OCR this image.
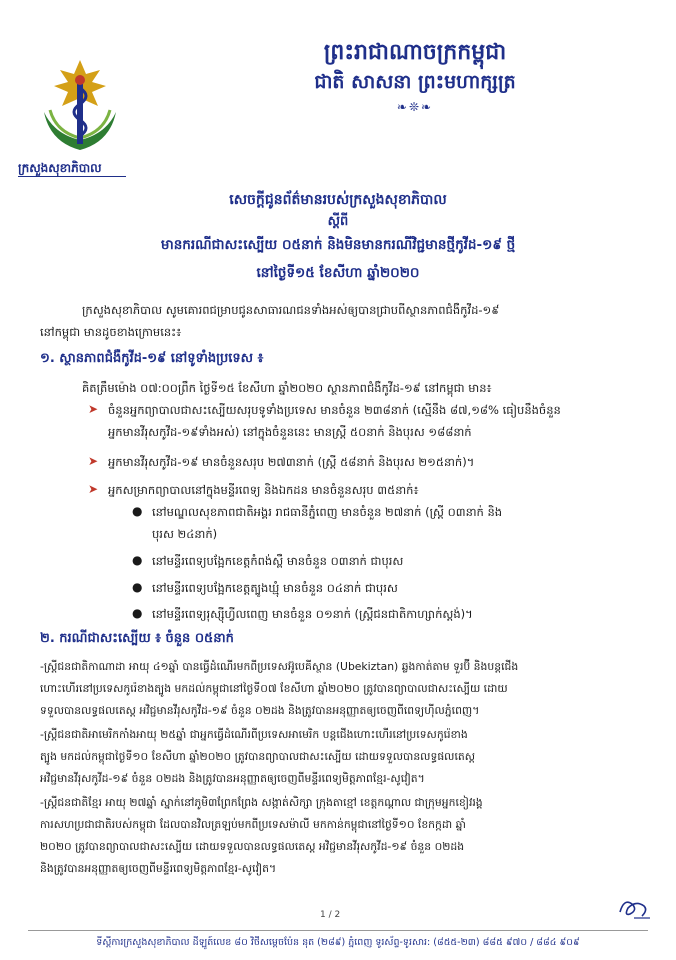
ព្រះរាជាណាចក្រកម្ពុជា
ជាតិ សាសនា ព្រះមហាក្សត្រ
❧❊❧
ក្រសួងសុខាភិបាល
សេចក្ដីជូនព័ត៌មានរបស់ក្រសួងសុខាភិបាល
ស្ដីពី
មានករណីជាសះស្បើយ ០៥នាក់ និងមិនមានករណីវិជ្ជមានថ្មីកូវីដ-១៩ ថ្មី
នៅថ្ងៃទី១៥ ខែសីហា ឆ្នាំ២០២០
ក្រសួងសុខាភិបាល សូមគោរពជម្រាបជូនសាធារណជនទាំងអស់ឲ្យបានជ្រាបពីស្ថានភាពជំងឺកូវីដ-១៩
នៅកម្ពុជា មានដូចខាងក្រោមនេះ៖
១. ស្ថានភាពជំងឺកូវីដ-១៩ នៅទូទាំងប្រទេស ៖
គិតត្រឹមម៉ោង ០៧:០០ព្រឹក ថ្ងៃទី១៥ ខែសីហា ឆ្នាំ២០២០ ស្ថានភាពជំងឺកូវីដ-១៩ នៅកម្ពុជា មាន៖
➤ ចំនួនអ្នកព្យាបាលជាសះស្បើយសរុបទូទាំងប្រទេស មានចំនួន ២៣៨នាក់ (ស្មើនឹង ៨៧,១៨% ធៀបនឹងចំនួន
អ្នកមានវីរុសកូវីដ-១៩ទាំងអស់) នៅក្នុងចំនួននេះ មានស្ត្រី ៥០នាក់ និងបុរស ១៨៨នាក់
➤ អ្នកមានវីរុសកូវីដ-១៩ មានចំនួនសរុប ២៧៣នាក់ (ស្ត្រី ៥៨នាក់ និងបុរស ២១៥នាក់)។
➤ អ្នកសម្រាកព្យាបាលនៅក្នុងមន្ទីរពេទ្យ និងឯកដន មានចំនួនសរុប ៣៥នាក់៖
● នៅមណ្ឌលសុខភាពជាតិអង្គរ រាជធានីភ្នំពេញ មានចំនួន ២៧នាក់ (ស្ត្រី ០៣នាក់ និង
បុរស ២៤នាក់)
● នៅមន្ទីរពេទ្យបង្អែកខេត្តកំពង់ស្ពឺ មានចំនួន ០៣នាក់ ជាបុរស
● នៅមន្ទីរពេទ្យបង្អែកខេត្តត្បូងឃ្មុំ មានចំនួន ០៤នាក់ ជាបុរស
● នៅមន្ទីរពេទ្យរុស្ស៊ីហ្វីលពេញ មានចំនួន ០១នាក់ (ស្ត្រីជនជាតិកាហ្សាក់ស្តង់)។
២. ករណីជាសះស្បើយ ៖ ចំនួន ០៥នាក់
-ស្ត្រីជនជាតិកាណាដា អាយុ ៤១ឆ្នាំ បានធ្វើដំណើរមកពីប្រទេសអ៊ូបេគីស្ថាន (Ubekiztan) ឆ្លងកាត់តាម ទួរប៊ី និងបន្តជើង
ហោះហើរនៅប្រទេសកូរ៉េខាងត្បូង មកដល់កម្ពុជានៅថ្ងៃទី០៧ ខែសីហា ឆ្នាំ២០២០ ត្រូវបានព្យាបាលជាសះស្បើយ ដោយ
ទទួលបានលទ្ធផលតេស្ត អវិជ្ជមានវីរុសកូវីដ-១៩ ចំនួន ០២ដង និងត្រូវបានអនុញ្ញាតឲ្យចេញពីពេទ្យហ៊ីលភ្នំពេញ។
-ស្ត្រីជនជាតិអាមេរិកកាំងអាយុ ២៥ឆ្នាំ ជាអ្នកធ្វើដំណើរពីប្រទេសអាមេរិក បន្តជើងហោះហើរនៅប្រទេសកូរ៉េខាង
ត្បូង មកដល់កម្ពុជាថ្ងៃទី១០ ខែសីហា ឆ្នាំ២០២០ ត្រូវបានព្យាបាលជាសះស្បើយ ដោយទទួលបានលទ្ធផលតេស្ត
អវិជ្ជមានវីរុសកូវីដ-១៩ ចំនួន ០២ដង និងត្រូវបានអនុញ្ញាតឲ្យចេញពីមន្ទីរពេទ្យមិត្តភាពខ្មែរ-សូវៀត។
-ស្ត្រីជនជាតិខ្មែរ អាយុ ២៧ឆ្នាំ ស្នាក់នៅភូមិ៣ព្រែកព្រែង សង្កាត់សិក្សា ក្រុងតាខ្មៅ ខេត្តកណ្ដាល ជាក្រុមអ្នកខៀវរង្គ
ការសហប្រជាជាតិរបស់កម្ពុជា ដែលបានវិលត្រឡប់មកពីប្រទេសម៉ាលី មកកាន់កម្ពុជានៅថ្ងៃទី១០ ខែកក្កដា ឆ្នាំ
២០២០ ត្រូវបានព្យាបាលជាសះស្បើយ ដោយទទួលបានលទ្ធផលតេស្ត អវិជ្ជមានវីរុសកូវីដ-១៩ ចំនួន ០២ដង
និងត្រូវបានអនុញ្ញាតឲ្យចេញពីមន្ទីរពេទ្យមិត្តភាពខ្មែរ-សូវៀត។
1 / 2
ទីស្ដីការក្រសួងសុខាភិបាល ដីឡូត៍លេខ ៨០ វិថីសម្ដេចប៉ែន នុត (២៨៩) ភ្នំពេញ ទូរស័ព្ទ-ទូរសារ: (៨៥៥-២៣) ៨៨៥ ៩៧០ / ៨៨៤ ៩០៩
